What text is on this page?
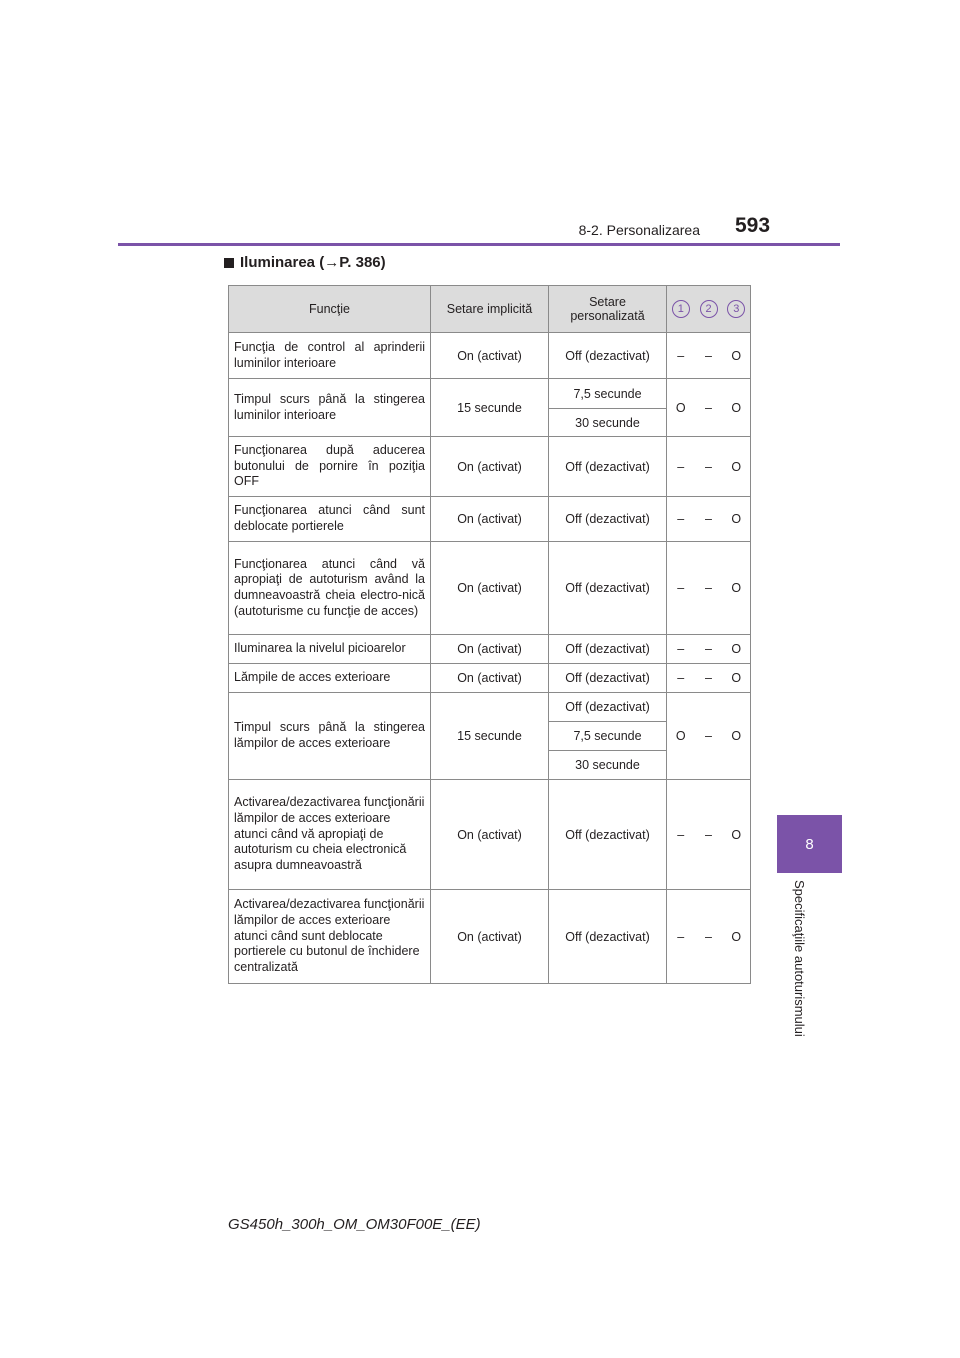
8-2. Personalizarea 593
8
Specificaţiile autoturismului
Iluminarea (→P. 386)
Funcţie	Setare implicită	Setare personalizată	1	2	3
Funcţia de control al aprinderii luminilor interioare	On (activat)	Off (dezactivat)	–	–	O
Timpul scurs până la stingerea luminilor interioare	15 secunde	7,5 secunde	O	–	O
		30 secunde			
Funcţionarea după aducerea butonului de pornire în poziţia OFF	On (activat)	Off (dezactivat)	–	–	O
Funcţionarea atunci când sunt deblocate portierele	On (activat)	Off (dezactivat)	–	–	O
Funcţionarea atunci când vă apropiaţi de autoturism având la dumneavoastră cheia electro-nică (autoturisme cu funcţie de acces)	On (activat)	Off (dezactivat)	–	–	O
Iluminarea la nivelul picioarelor	On (activat)	Off (dezactivat)	–	–	O
Lămpile de acces exterioare	On (activat)	Off (dezactivat)	–	–	O
Timpul scurs până la stingerea lămpilor de acces exterioare	15 secunde	Off (dezactivat)	O	–	O
		7,5 secunde			
		30 secunde			
Activarea/dezactivarea funcţionării lămpilor de acces exterioare atunci când vă apropiaţi de autoturism cu cheia electronică asupra dumneavoastră	On (activat)	Off (dezactivat)	–	–	O
Activarea/dezactivarea funcţionării lămpilor de acces exterioare atunci când sunt deblocate portierele cu butonul de închidere centralizată	On (activat)	Off (dezactivat)	–	–	O
GS450h_300h_OM_OM30F00E_(EE)
